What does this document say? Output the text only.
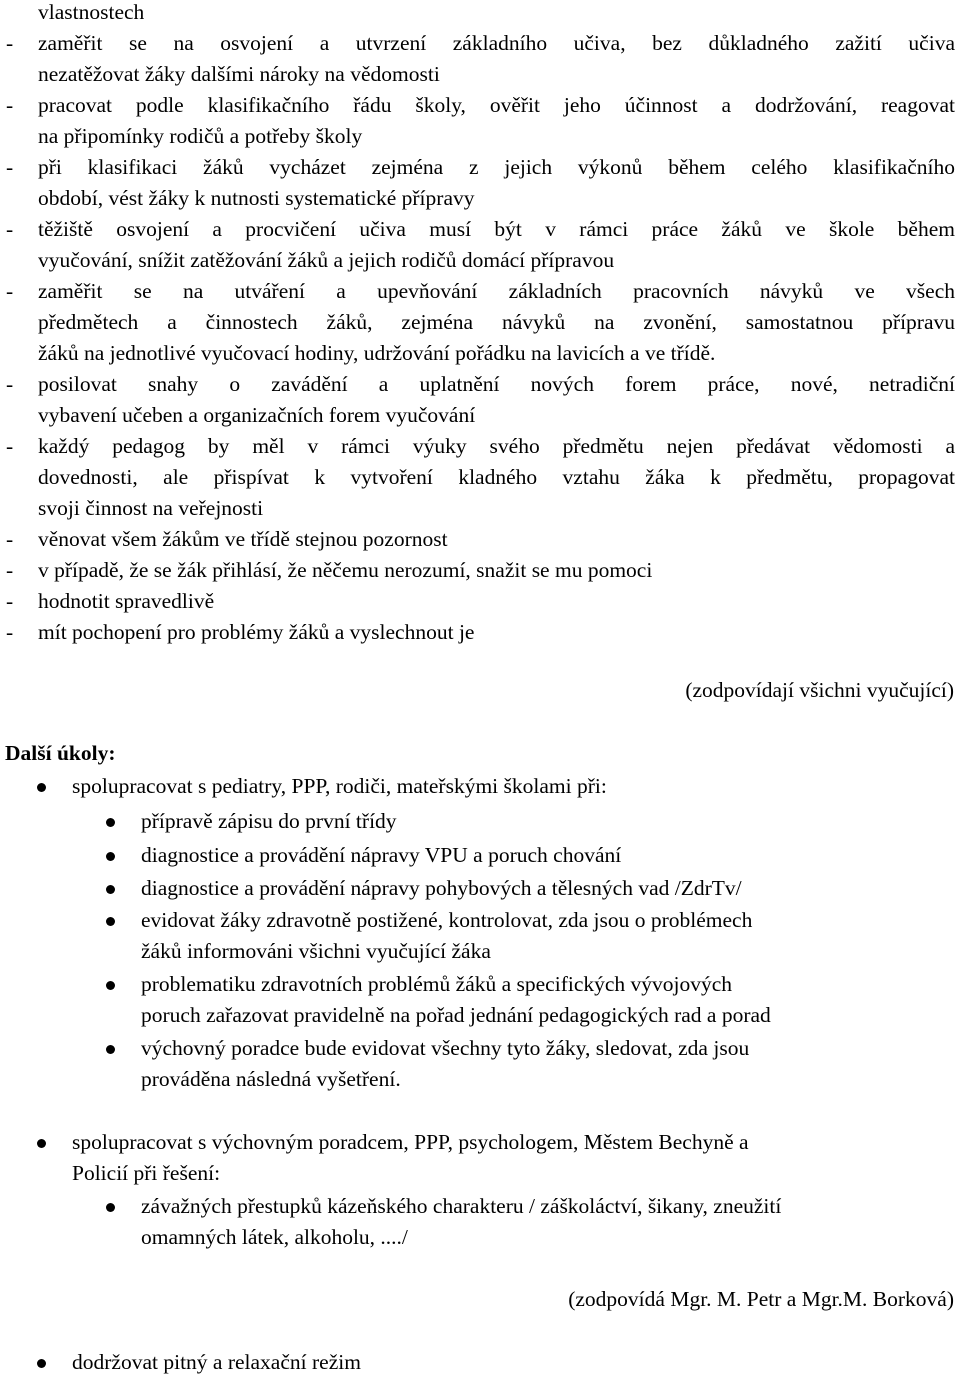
vlastnostech
- zaměřit se na osvojení a utvrzení základního učiva, bez důkladného zažití učiva
nezatěžovat žáky dalšími nároky na vědomosti
- pracovat podle klasifikačního řádu školy, ověřit jeho účinnost a dodržování, reagovat
na připomínky rodičů a potřeby školy
- při klasifikaci žáků vycházet zejména z jejich výkonů během celého klasifikačního
období, vést žáky k nutnosti systematické přípravy
- těžiště osvojení a procvičení učiva musí být v rámci práce žáků ve škole během
vyučování, snížit zatěžování žáků a jejich rodičů domácí přípravou
- zaměřit se na utváření a upevňování základních pracovních návyků ve všech
předmětech a činnostech žáků, zejména návyků na zvonění, samostatnou přípravu
žáků na jednotlivé vyučovací hodiny, udržování pořádku na lavicích a ve třídě.
- posilovat snahy o zavádění a uplatnění nových forem práce, nové, netradiční
vybavení učeben a organizačních forem vyučování
- každý pedagog by měl v rámci výuky svého předmětu nejen předávat vědomosti a
dovednosti, ale přispívat k vytvoření kladného vztahu žáka k předmětu, propagovat
svoji činnost na veřejnosti
- věnovat všem žákům ve třídě stejnou pozornost
- v případě, že se žák přihlásí, že něčemu nerozumí, snažit se mu pomoci
- hodnotit spravedlivě
- mít pochopení pro problémy žáků a vyslechnout je
(zodpovídají všichni vyučující)
Další úkoly:
spolupracovat s pediatry, PPP, rodiči, mateřskými školami při:
přípravě zápisu do první třídy
diagnostice a provádění nápravy VPU a poruch chování
diagnostice a provádění nápravy pohybových a tělesných vad /ZdrTv/
evidovat žáky zdravotně postižené, kontrolovat, zda jsou o problémech
žáků informováni všichni vyučující žáka
problematiku zdravotních problémů žáků a specifických vývojových
poruch zařazovat pravidelně na pořad jednání pedagogických rad a porad
výchovný poradce bude evidovat všechny tyto žáky, sledovat, zda jsou
prováděna následná vyšetření.
spolupracovat s výchovným poradcem, PPP, psychologem, Městem Bechyně a
Policií při řešení:
závažných přestupků kázeňského charakteru / záškoláctví, šikany, zneužití
omamných látek, alkoholu, ..../
(zodpovídá Mgr. M. Petr a Mgr.M. Borková)
dodržovat pitný a relaxační režim
